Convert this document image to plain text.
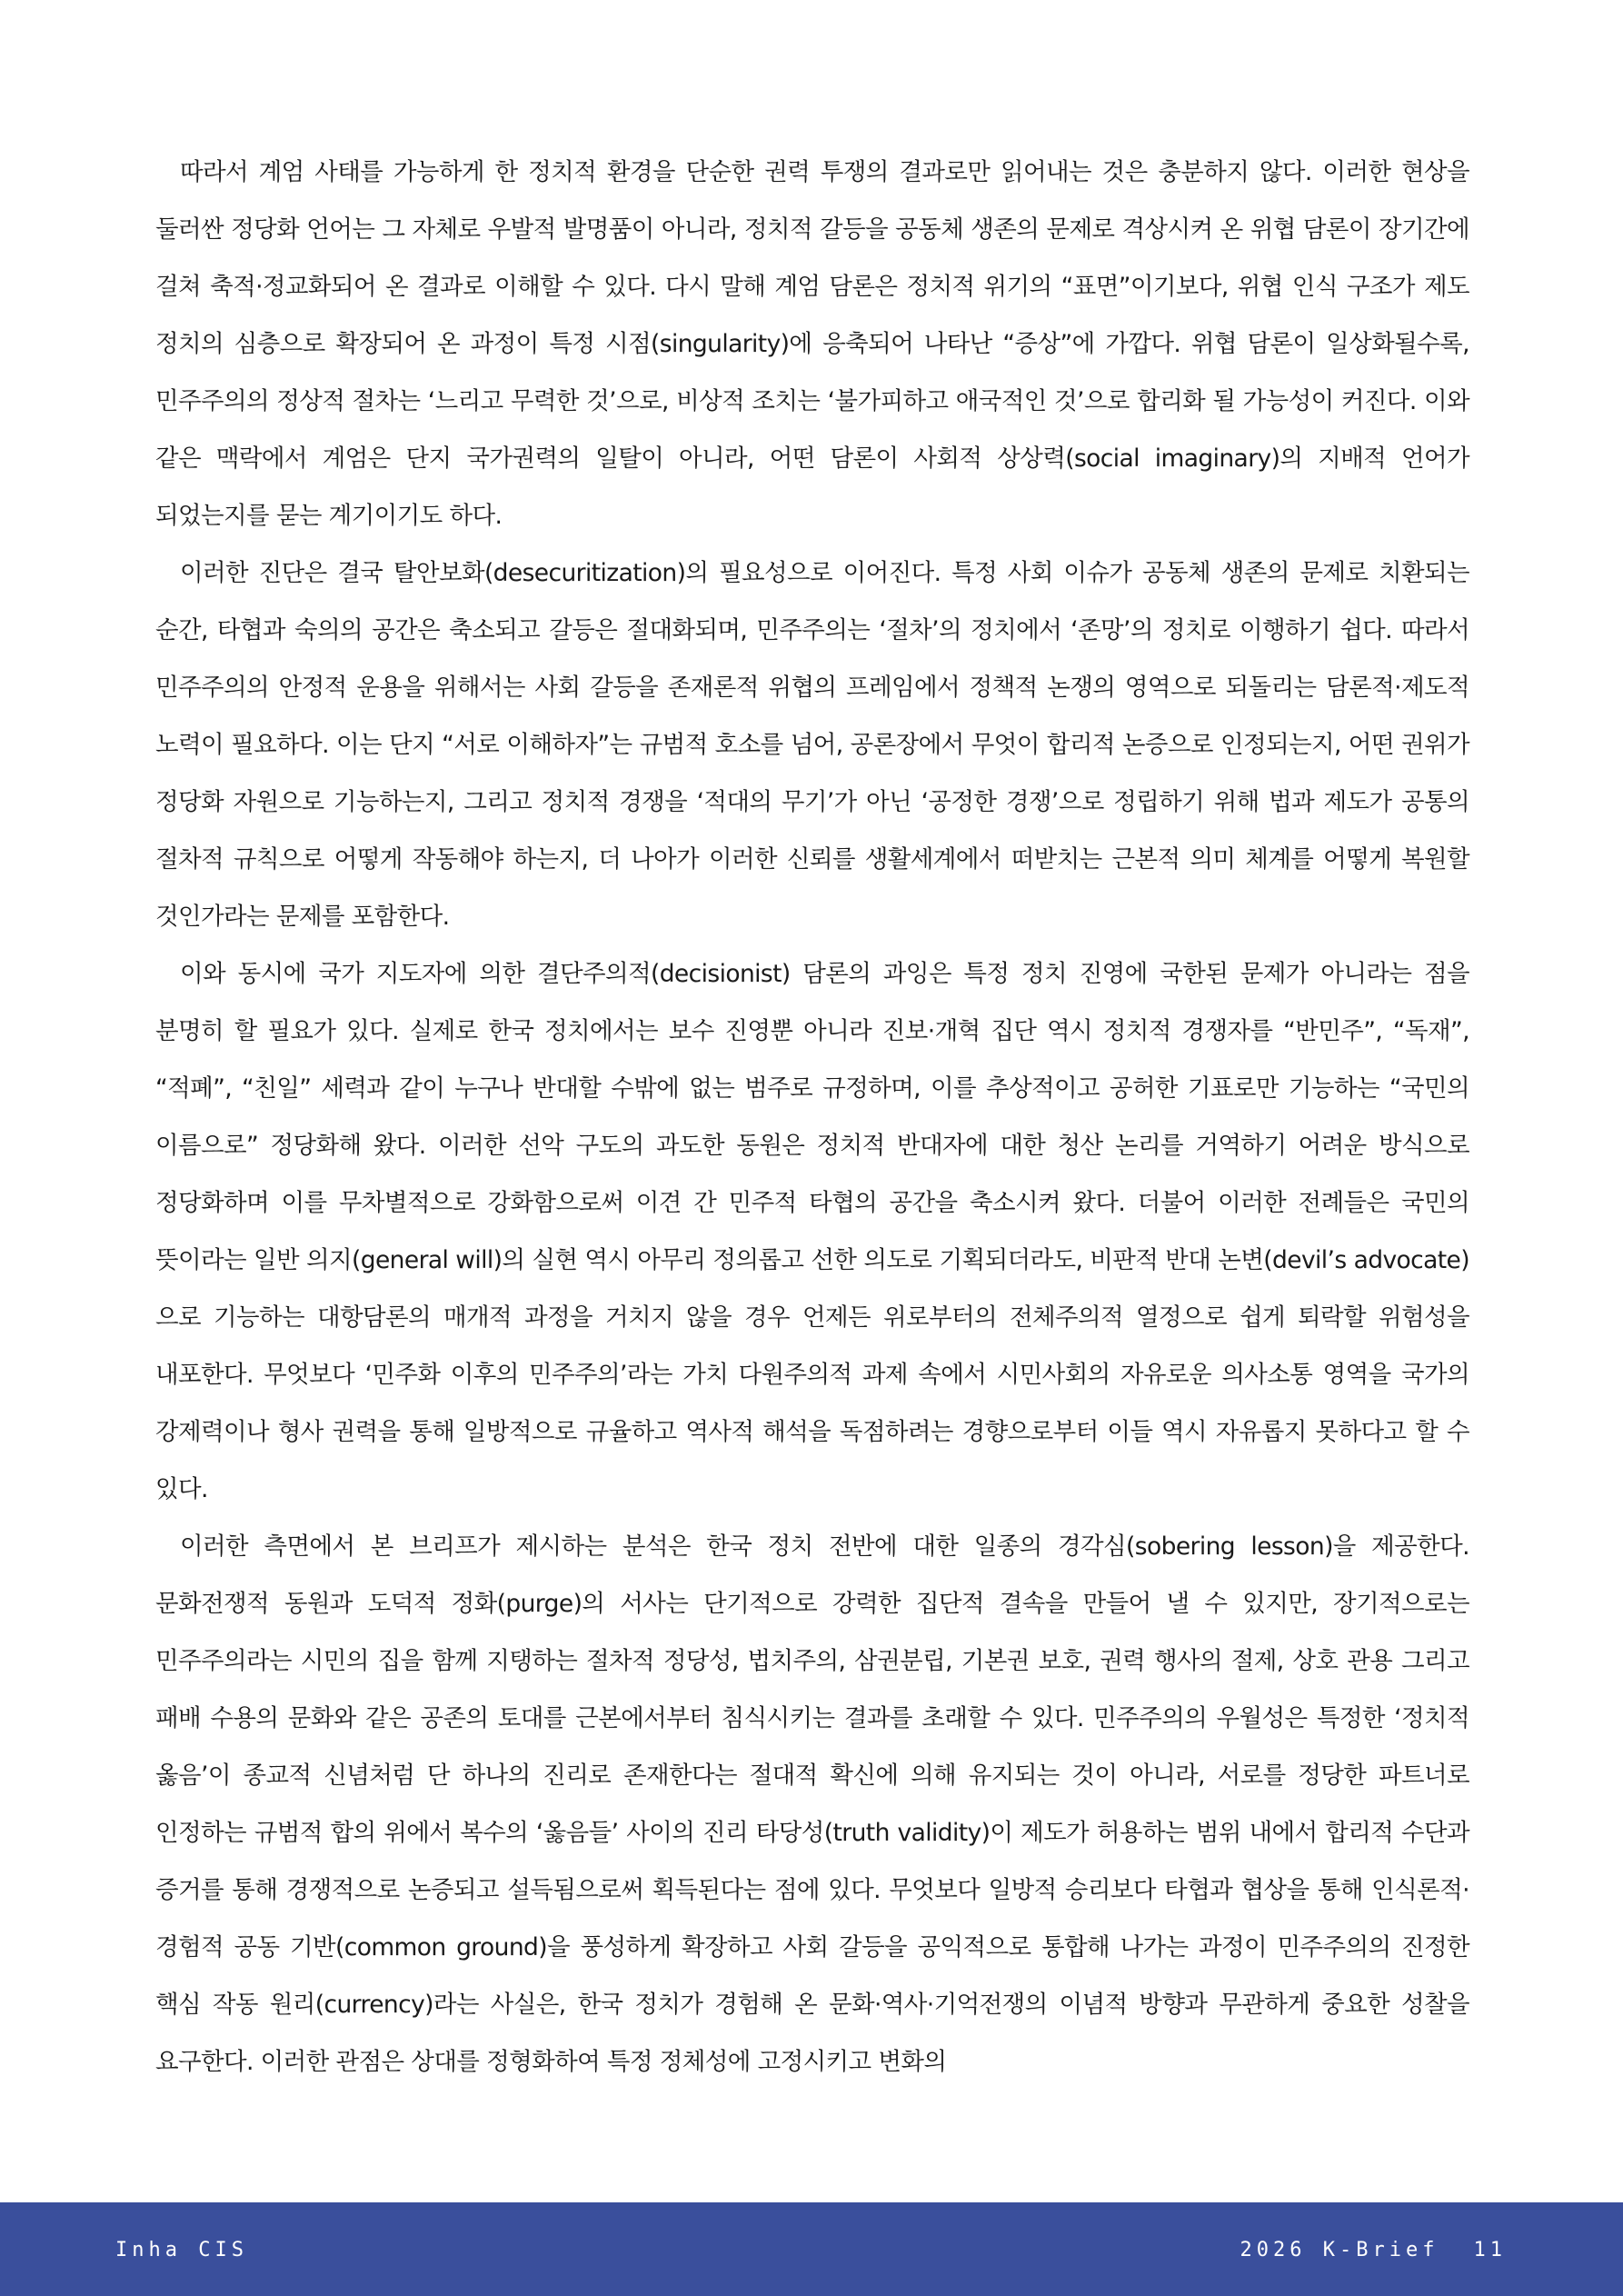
따라서 계엄 사태를 가능하게 한 정치적 환경을 단순한 권력 투쟁의 결과로만 읽어내는 것은 충분하지 않다. 이러한 현상을 둘러싼 정당화 언어는 그 자체로 우발적 발명품이 아니라, 정치적 갈등을 공동체 생존의 문제로 격상시켜 온 위협 담론이 장기간에 걸쳐 축적·정교화되어 온 결과로 이해할 수 있다. 다시 말해 계엄 담론은 정치적 위기의 “표면”이기보다, 위협 인식 구조가 제도 정치의 심층으로 확장되어 온 과정이 특정 시점(singularity)에 응축되어 나타난 “증상”에 가깝다. 위협 담론이 일상화될수록, 민주주의의 정상적 절차는 ‘느리고 무력한 것’으로, 비상적 조치는 ‘불가피하고 애국적인 것’으로 합리화 될 가능성이 커진다. 이와 같은 맥락에서 계엄은 단지 국가권력의 일탈이 아니라, 어떤 담론이 사회적 상상력(social imaginary)의 지배적 언어가 되었는지를 묻는 계기이기도 하다.

이러한 진단은 결국 탈안보화(desecuritization)의 필요성으로 이어진다. 특정 사회 이슈가 공동체 생존의 문제로 치환되는 순간, 타협과 숙의의 공간은 축소되고 갈등은 절대화되며, 민주주의는 ‘절차’의 정치에서 ‘존망’의 정치로 이행하기 쉽다. 따라서 민주주의의 안정적 운용을 위해서는 사회 갈등을 존재론적 위협의 프레임에서 정책적 논쟁의 영역으로 되돌리는 담론적·제도적 노력이 필요하다. 이는 단지 “서로 이해하자”는 규범적 호소를 넘어, 공론장에서 무엇이 합리적 논증으로 인정되는지, 어떤 권위가 정당화 자원으로 기능하는지, 그리고 정치적 경쟁을 ‘적대의 무기’가 아닌 ‘공정한 경쟁’으로 정립하기 위해 법과 제도가 공통의 절차적 규칙으로 어떻게 작동해야 하는지, 더 나아가 이러한 신뢰를 생활세계에서 떠받치는 근본적 의미 체계를 어떻게 복원할 것인가라는 문제를 포함한다.

이와 동시에 국가 지도자에 의한 결단주의적(decisionist) 담론의 과잉은 특정 정치 진영에 국한된 문제가 아니라는 점을 분명히 할 필요가 있다. 실제로 한국 정치에서는 보수 진영뿐 아니라 진보·개혁 집단 역시 정치적 경쟁자를 “반민주”, “독재”, “적폐”, “친일” 세력과 같이 누구나 반대할 수밖에 없는 범주로 규정하며, 이를 추상적이고 공허한 기표로만 기능하는 “국민의 이름으로” 정당화해 왔다. 이러한 선악 구도의 과도한 동원은 정치적 반대자에 대한 청산 논리를 거역하기 어려운 방식으로 정당화하며 이를 무차별적으로 강화함으로써 이견 간 민주적 타협의 공간을 축소시켜 왔다. 더불어 이러한 전례들은 국민의 뜻이라는 일반 의지(general will)의 실현 역시 아무리 정의롭고 선한 의도로 기획되더라도, 비판적 반대 논변(devil’s advocate)으로 기능하는 대항담론의 매개적 과정을 거치지 않을 경우 언제든 위로부터의 전체주의적 열정으로 쉽게 퇴락할 위험성을 내포한다. 무엇보다 ‘민주화 이후의 민주주의’라는 가치 다원주의적 과제 속에서 시민사회의 자유로운 의사소통 영역을 국가의 강제력이나 형사 권력을 통해 일방적으로 규율하고 역사적 해석을 독점하려는 경향으로부터 이들 역시 자유롭지 못하다고 할 수 있다.

이러한 측면에서 본 브리프가 제시하는 분석은 한국 정치 전반에 대한 일종의 경각심(sobering lesson)을 제공한다. 문화전쟁적 동원과 도덕적 정화(purge)의 서사는 단기적으로 강력한 집단적 결속을 만들어 낼 수 있지만, 장기적으로는 민주주의라는 시민의 집을 함께 지탱하는 절차적 정당성, 법치주의, 삼권분립, 기본권 보호, 권력 행사의 절제, 상호 관용 그리고 패배 수용의 문화와 같은 공존의 토대를 근본에서부터 침식시키는 결과를 초래할 수 있다. 민주주의의 우월성은 특정한 ‘정치적 옳음’이 종교적 신념처럼 단 하나의 진리로 존재한다는 절대적 확신에 의해 유지되는 것이 아니라, 서로를 정당한 파트너로 인정하는 규범적 합의 위에서 복수의 ‘옳음들’ 사이의 진리 타당성(truth validity)이 제도가 허용하는 범위 내에서 합리적 수단과 증거를 통해 경쟁적으로 논증되고 설득됨으로써 획득된다는 점에 있다. 무엇보다 일방적 승리보다 타협과 협상을 통해 인식론적·경험적 공동 기반(common ground)을 풍성하게 확장하고 사회 갈등을 공익적으로 통합해 나가는 과정이 민주주의의 진정한 핵심 작동 원리(currency)라는 사실은, 한국 정치가 경험해 온 문화·역사·기억전쟁의 이념적 방향과 무관하게 중요한 성찰을 요구한다. 이러한 관점은 상대를 정형화하여 특정 정체성에 고정시키고 변화의

Inha CIS	2026 K-Brief 11
